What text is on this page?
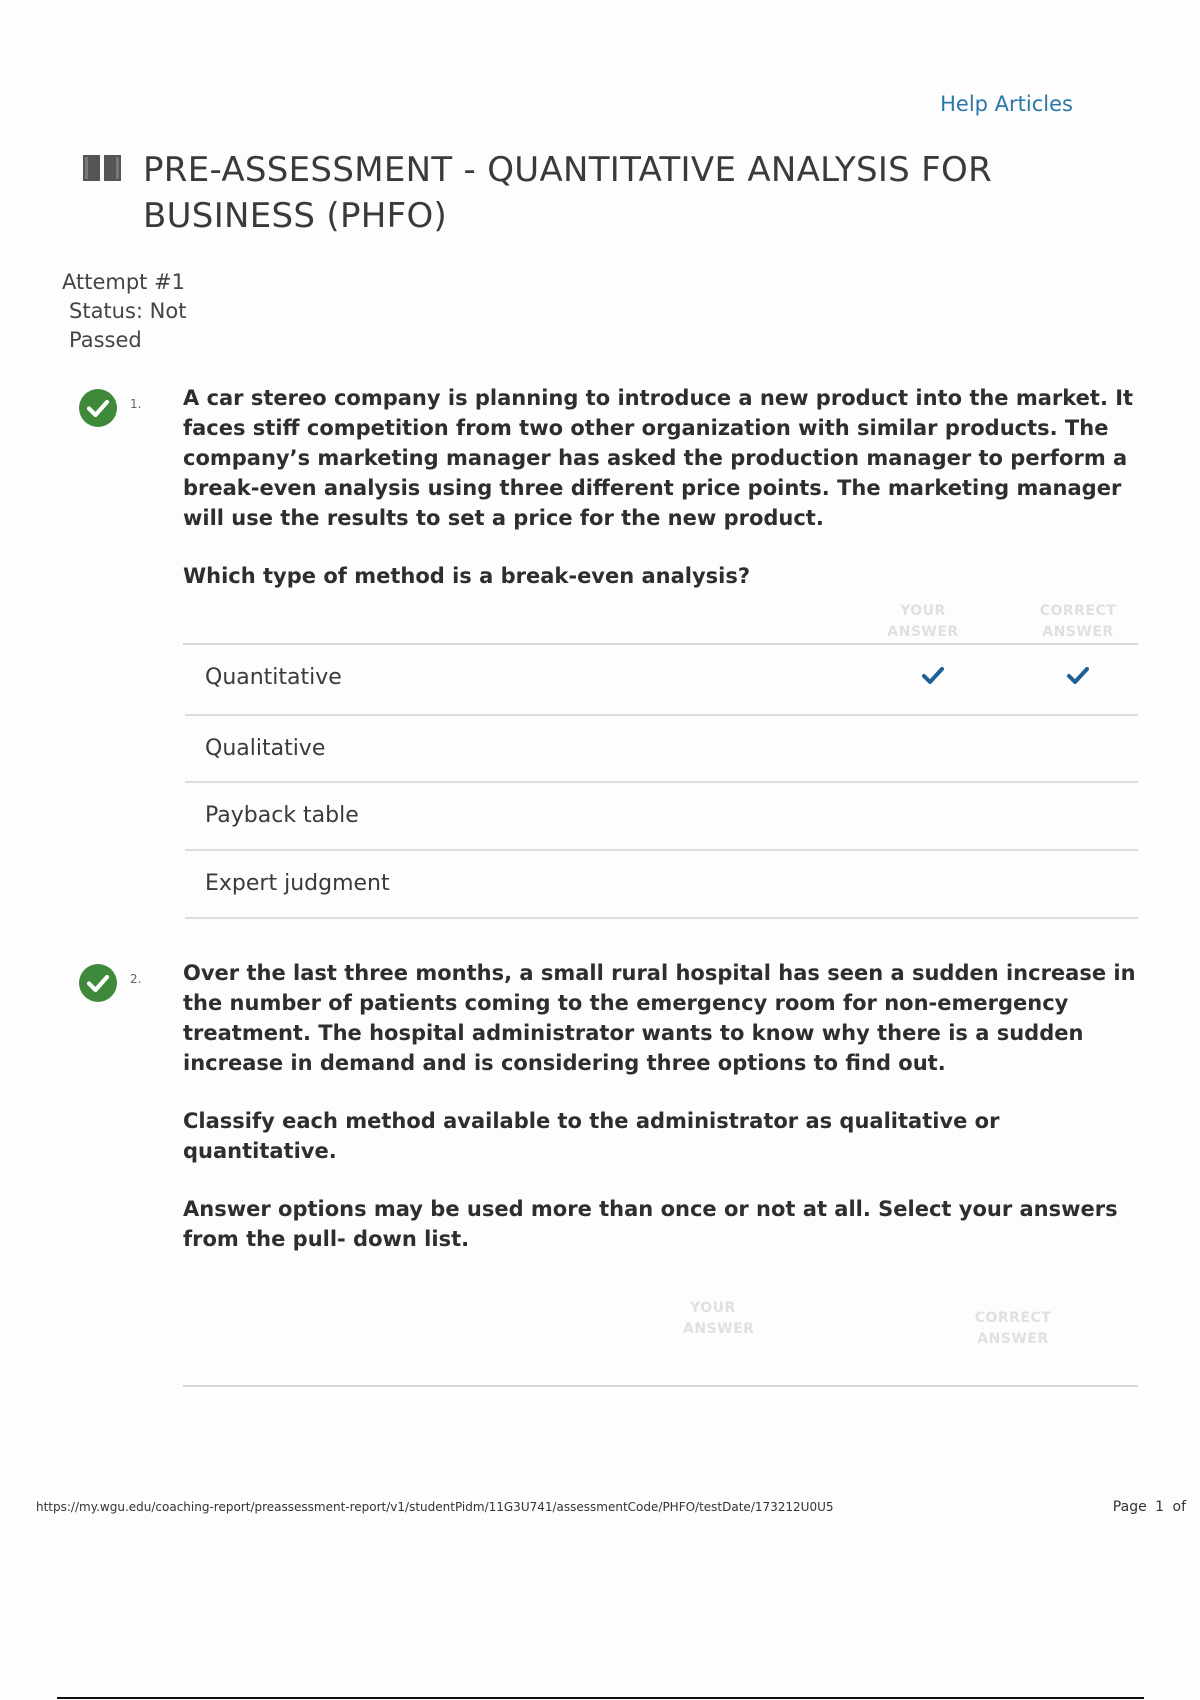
Help Articles
PRE-ASSESSMENT - QUANTITATIVE ANALYSIS FOR BUSINESS (PHFO)
Attempt #1
Status: Not Passed
1. A car stereo company is planning to introduce a new product into the market. It faces stiff competition from two other organization with similar products. The company’s marketing manager has asked the production manager to perform a break-even analysis using three different price points. The marketing manager will use the results to set a price for the new product.

Which type of method is a break-even analysis?

YOUR ANSWER
CORRECT ANSWER
Quantitative
Qualitative
Payback table
Expert judgment
2. Over the last three months, a small rural hospital has seen a sudden increase in the number of patients coming to the emergency room for non-emergency treatment. The hospital administrator wants to know why there is a sudden increase in demand and is considering three options to find out.

Classify each method available to the administrator as qualitative or quantitative.

Answer options may be used more than once or not at all. Select your answers from the pull- down list.

YOUR ANSWER
CORRECT ANSWER
https://my.wgu.edu/coaching-report/preassessment-report/v1/studentPidm/11G3U741/assessmentCode/PHFO/testDate/173212U0U5	Page 1 of
